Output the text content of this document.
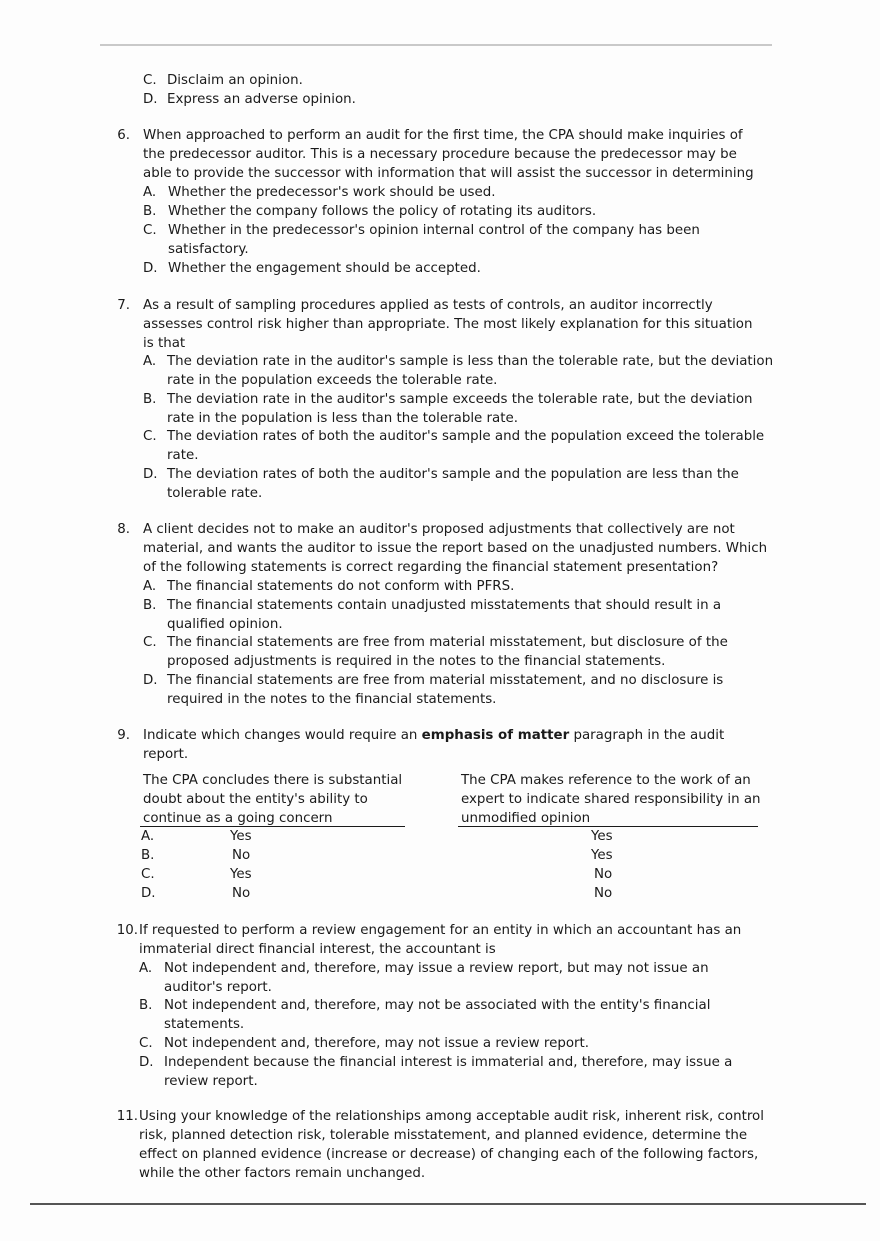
C. Disclaim an opinion.
D. Express an adverse opinion.
6. When approached to perform an audit for the first time, the CPA should make inquiries of
the predecessor auditor. This is a necessary procedure because the predecessor may be
able to provide the successor with information that will assist the successor in determining
A. Whether the predecessor's work should be used.
B. Whether the company follows the policy of rotating its auditors.
C. Whether in the predecessor's opinion internal control of the company has been
satisfactory.
D. Whether the engagement should be accepted.
7. As a result of sampling procedures applied as tests of controls, an auditor incorrectly
assesses control risk higher than appropriate. The most likely explanation for this situation
is that
A. The deviation rate in the auditor's sample is less than the tolerable rate, but the deviation
rate in the population exceeds the tolerable rate.
B. The deviation rate in the auditor's sample exceeds the tolerable rate, but the deviation
rate in the population is less than the tolerable rate.
C. The deviation rates of both the auditor's sample and the population exceed the tolerable
rate.
D. The deviation rates of both the auditor's sample and the population are less than the
tolerable rate.
8. A client decides not to make an auditor's proposed adjustments that collectively are not
material, and wants the auditor to issue the report based on the unadjusted numbers. Which
of the following statements is correct regarding the financial statement presentation?
A. The financial statements do not conform with PFRS.
B. The financial statements contain unadjusted misstatements that should result in a
qualified opinion.
C. The financial statements are free from material misstatement, but disclosure of the
proposed adjustments is required in the notes to the financial statements.
D. The financial statements are free from material misstatement, and no disclosure is
required in the notes to the financial statements.
9. Indicate which changes would require an emphasis of matter paragraph in the audit
report.
The CPA concludes there is substantial
doubt about the entity's ability to
continue as a going concern
The CPA makes reference to the work of an
expert to indicate shared responsibility in an
unmodified opinion
A.	Yes	Yes
B.	No	Yes
C.	Yes	No
D.	No	No
10. If requested to perform a review engagement for an entity in which an accountant has an
immaterial direct financial interest, the accountant is
A. Not independent and, therefore, may issue a review report, but may not issue an
auditor's report.
B. Not independent and, therefore, may not be associated with the entity's financial
statements.
C. Not independent and, therefore, may not issue a review report.
D. Independent because the financial interest is immaterial and, therefore, may issue a
review report.
11. Using your knowledge of the relationships among acceptable audit risk, inherent risk, control
risk, planned detection risk, tolerable misstatement, and planned evidence, determine the
effect on planned evidence (increase or decrease) of changing each of the following factors,
while the other factors remain unchanged.
